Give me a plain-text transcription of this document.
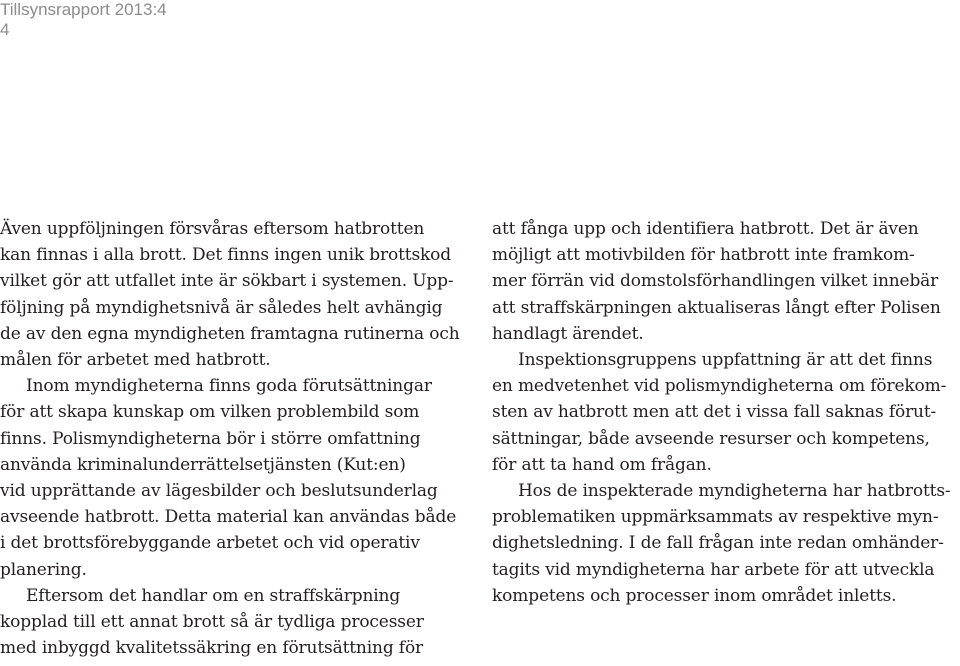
Tillsynsrapport 2013:4
4
Även uppföljningen försvåras eftersom hatbrotten
kan finnas i alla brott. Det finns ingen unik brottskod
vilket gör att utfallet inte är sökbart i systemen. Upp-
följning på myndighetsnivå är således helt avhängig
de av den egna myndigheten framtagna rutinerna och
målen för arbetet med hatbrott.
Inom myndigheterna finns goda förutsättningar
för att skapa kunskap om vilken problembild som
finns. Polismyndigheterna bör i större omfattning
använda kriminalunderrättelsetjänsten (Kut:en)
vid upprättande av lägesbilder och beslutsunderlag
avseende hatbrott. Detta material kan användas både
i det brottsförebyggande arbetet och vid operativ
planering.
Eftersom det handlar om en straffskärpning
kopplad till ett annat brott så är tydliga processer
med inbyggd kvalitetssäkring en förutsättning för
att fånga upp och identifiera hatbrott. Det är även
möjligt att motivbilden för hatbrott inte framkom-
mer förrän vid domstolsförhandlingen vilket innebär
att straffskärpningen aktualiseras långt efter Polisen
handlagt ärendet.
Inspektionsgruppens uppfattning är att det finns
en medvetenhet vid polismyndigheterna om förekom-
sten av hatbrott men att det i vissa fall saknas förut-
sättningar, både avseende resurser och kompetens,
för att ta hand om frågan.
Hos de inspekterade myndigheterna har hatbrotts-
problematiken uppmärksammats av respektive myn-
dighetsledning. I de fall frågan inte redan omhänder-
tagits vid myndigheterna har arbete för att utveckla
kompetens och processer inom området inletts.
